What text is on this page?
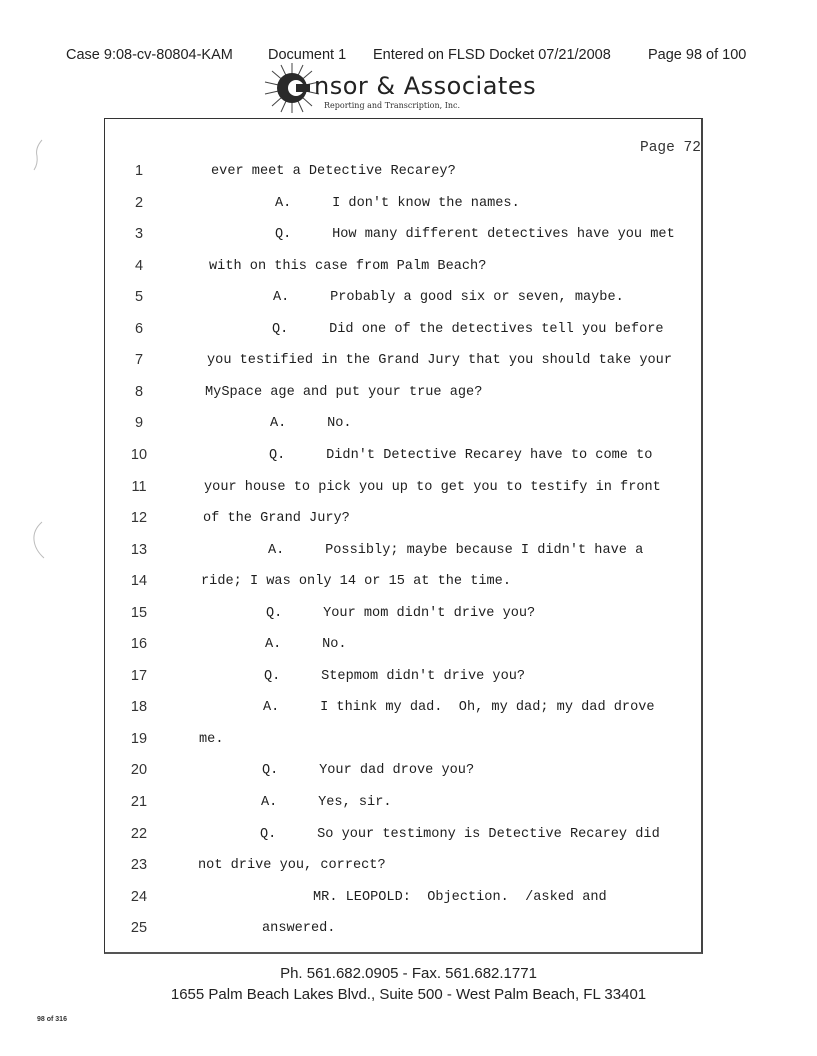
Case 9:08-cv-80804-KAM Document 1 Entered on FLSD Docket 07/21/2008	Page 98 of 100
nsor & Associates
Reporting and Transcription, Inc.
Page 72
1	ever meet a Detective Recarey?
2	A.     I don't know the names.
3	Q.     How many different detectives have you met
4	with on this case from Palm Beach?
5	A.     Probably a good six or seven, maybe.
6	Q.     Did one of the detectives tell you before
7	you testified in the Grand Jury that you should take your
8	MySpace age and put your true age?
9	A.     No.
10	Q.     Didn't Detective Recarey have to come to
11	your house to pick you up to get you to testify in front
12	of the Grand Jury?
13	A.     Possibly; maybe because I didn't have a
14	ride; I was only 14 or 15 at the time.
15	Q.     Your mom didn't drive you?
16	A.     No.
17	Q.     Stepmom didn't drive you?
18	A.     I think my dad.  Oh, my dad; my dad drove
19	me.
20	Q.     Your dad drove you?
21	A.     Yes, sir.
22	Q.     So your testimony is Detective Recarey did
23	not drive you, correct?
24	MR. LEOPOLD:  Objection.  /asked and
25	answered.
Ph. 561.682.0905 - Fax. 561.682.1771
1655 Palm Beach Lakes Blvd., Suite 500 - West Palm Beach, FL 33401
98 of 316
